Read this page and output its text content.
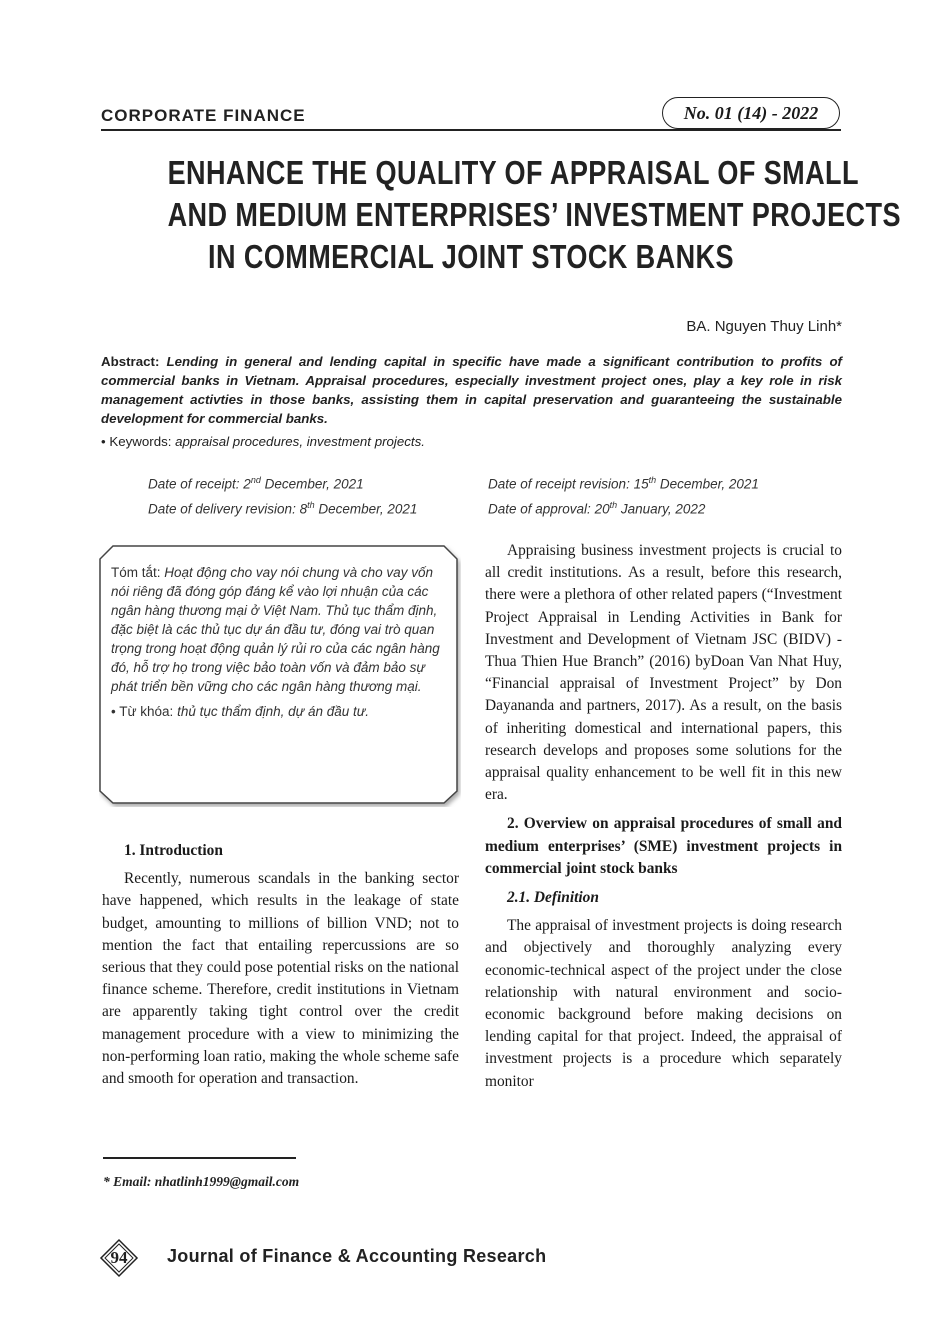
CORPORATE FINANCE	No. 01 (14) - 2022
ENHANCE THE QUALITY OF APPRAISAL OF SMALL
AND MEDIUM ENTERPRISES’ INVESTMENT PROJECTS
IN COMMERCIAL JOINT STOCK BANKS
BA. Nguyen Thuy Linh*
Abstract: Lending in general and lending capital in specific have made a significant contribution to profits of commercial banks in Vietnam. Appraisal procedures, especially investment project ones, play a key role in risk management activties in those banks, assisting them in capital preservation and guaranteeing the sustainable development for commercial banks.
• Keywords: appraisal procedures, investment projects.
Date of receipt: 2nd December, 2021
Date of delivery revision: 8th December, 2021
Date of receipt revision: 15th December, 2021
Date of approval: 20th January, 2022
Tóm tắt: Hoạt động cho vay nói chung và cho vay vốn nói riêng đã đóng góp đáng kể vào lợi nhuận của các ngân hàng thương mại ở Việt Nam. Thủ tục thẩm định, đặc biệt là các thủ tục dự án đầu tư, đóng vai trò quan trọng trong hoạt động quản lý rủi ro của các ngân hàng đó, hỗ trợ họ trong việc bảo toàn vốn và đảm bảo sự phát triển bền vững cho các ngân hàng thương mại.
• Từ khóa: thủ tục thẩm định, dự án đầu tư.
1. Introduction

Recently, numerous scandals in the banking sector have happened, which results in the leakage of state budget, amounting to millions of billion VND; not to mention the fact that entailing repercussions are so serious that they could pose potential risks on the national finance scheme. Therefore, credit institutions in Vietnam are apparently taking tight control over the credit management procedure with a view to minimizing the non-performing loan ratio, making the whole scheme safe and smooth for operation and transaction.

Appraising business investment projects is crucial to all credit institutions. As a result, before this research, there were a plethora of other related papers (“Investment Project Appraisal in Lending Activities in Bank for Investment and Development of Vietnam JSC (BIDV) - Thua Thien Hue Branch” (2016) byDoan Van Nhat Huy, “Financial appraisal of Investment Project” by Don Dayananda and partners, 2017). As a result, on the basis of inheriting domestical and international papers, this research develops and proposes some solutions for the appraisal quality enhancement to be well fit in this new era.

2. Overview on appraisal procedures of small and medium enterprises’ (SME) investment projects in commercial joint stock banks

2.1. Definition

The appraisal of investment projects is doing research and objectively and thoroughly analyzing every economic-technical aspect of the project under the close relationship with natural environment and socio-economic background before making decisions on lending capital for that project. Indeed, the appraisal of investment projects is a procedure which separately monitor

* Email: nhatlinh1999@gmail.com
94	Journal of Finance & Accounting Research
